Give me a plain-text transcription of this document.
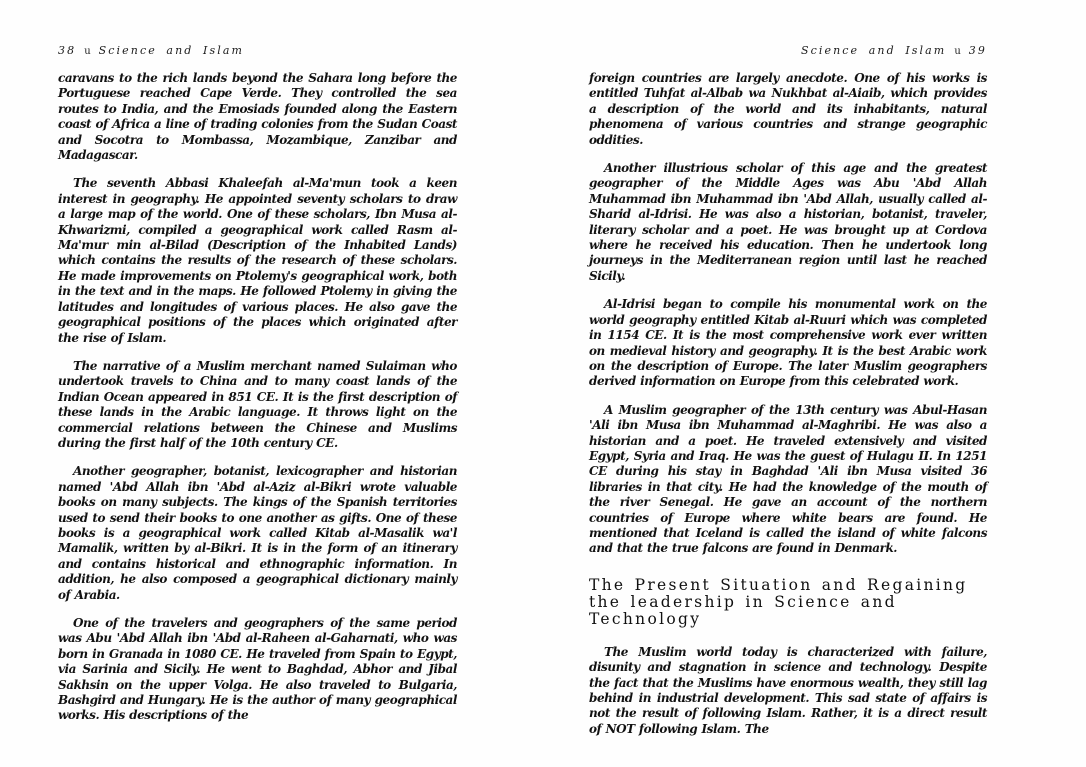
38 u Science and Islam

caravans to the rich lands beyond the Sahara long before the Portuguese reached Cape Verde. They controlled the sea routes to India, and the Emosiads founded along the Eastern coast of Africa a line of trading colonies from the Sudan Coast and Socotra to Mombassa, Mozambique, Zanzibar and Madagascar.

The seventh Abbasi Khaleefah al-Ma'mun took a keen interest in geography. He appointed seventy scholars to draw a large map of the world. One of these scholars, Ibn Musa al-Khwarizmi, compiled a geographical work called Rasm al-Ma'mur min al-Bilad (Description of the Inhabited Lands) which contains the results of the research of these scholars. He made improvements on Ptolemy's geographical work, both in the text and in the maps. He followed Ptolemy in giving the latitudes and longitudes of various places. He also gave the geographical positions of the places which originated after the rise of Islam.

The narrative of a Muslim merchant named Sulaiman who undertook travels to China and to many coast lands of the Indian Ocean appeared in 851 CE. It is the first description of these lands in the Arabic language. It throws light on the commercial relations between the Chinese and Muslims during the first half of the 10th century CE.

Another geographer, botanist, lexicographer and historian named 'Abd Allah ibn 'Abd al-Aziz al-Bikri wrote valuable books on many subjects. The kings of the Spanish territories used to send their books to one another as gifts. One of these books is a geographical work called Kitab al-Masalik wa'l Mamalik, written by al-Bikri. It is in the form of an itinerary and contains historical and ethnographic information. In addition, he also composed a geographical dictionary mainly of Arabia.

One of the travelers and geographers of the same period was Abu 'Abd Allah ibn 'Abd al-Raheen al-Gaharnati, who was born in Granada in 1080 CE. He traveled from Spain to Egypt, via Sarinia and Sicily. He went to Baghdad, Abhor and Jibal Sakhsin on the upper Volga. He also traveled to Bulgaria, Bashgird and Hungary. He is the author of many geographical works. His descriptions of the

Science and Islam u 39

foreign countries are largely anecdote. One of his works is entitled Tuhfat al-Albab wa Nukhbat al-Aiaib, which provides a description of the world and its inhabitants, natural phenomena of various countries and strange geographic oddities.

Another illustrious scholar of this age and the greatest geographer of the Middle Ages was Abu 'Abd Allah Muhammad ibn Muhammad ibn 'Abd Allah, usually called al-Sharid al-Idrisi. He was also a historian, botanist, traveler, literary scholar and a poet. He was brought up at Cordova where he received his education. Then he undertook long journeys in the Mediterranean region until last he reached Sicily.

Al-Idrisi began to compile his monumental work on the world geography entitled Kitab al-Ruuri which was completed in 1154 CE. It is the most comprehensive work ever written on medieval history and geography. It is the best Arabic work on the description of Europe. The later Muslim geographers derived information on Europe from this celebrated work.

A Muslim geographer of the 13th century was Abul-Hasan 'Ali ibn Musa ibn Muhammad al-Maghribi. He was also a historian and a poet. He traveled extensively and visited Egypt, Syria and Iraq. He was the guest of Hulagu II. In 1251 CE during his stay in Baghdad 'Ali ibn Musa visited 36 libraries in that city. He had the knowledge of the mouth of the river Senegal. He gave an account of the northern countries of Europe where white bears are found. He mentioned that Iceland is called the island of white falcons and that the true falcons are found in Denmark.

The Present Situation and Regaining the leadership in Science and Technology

The Muslim world today is characterized with failure, disunity and stagnation in science and technology. Despite the fact that the Muslims have enormous wealth, they still lag behind in industrial development. This sad state of affairs is not the result of following Islam. Rather, it is a direct result of NOT following Islam. The
